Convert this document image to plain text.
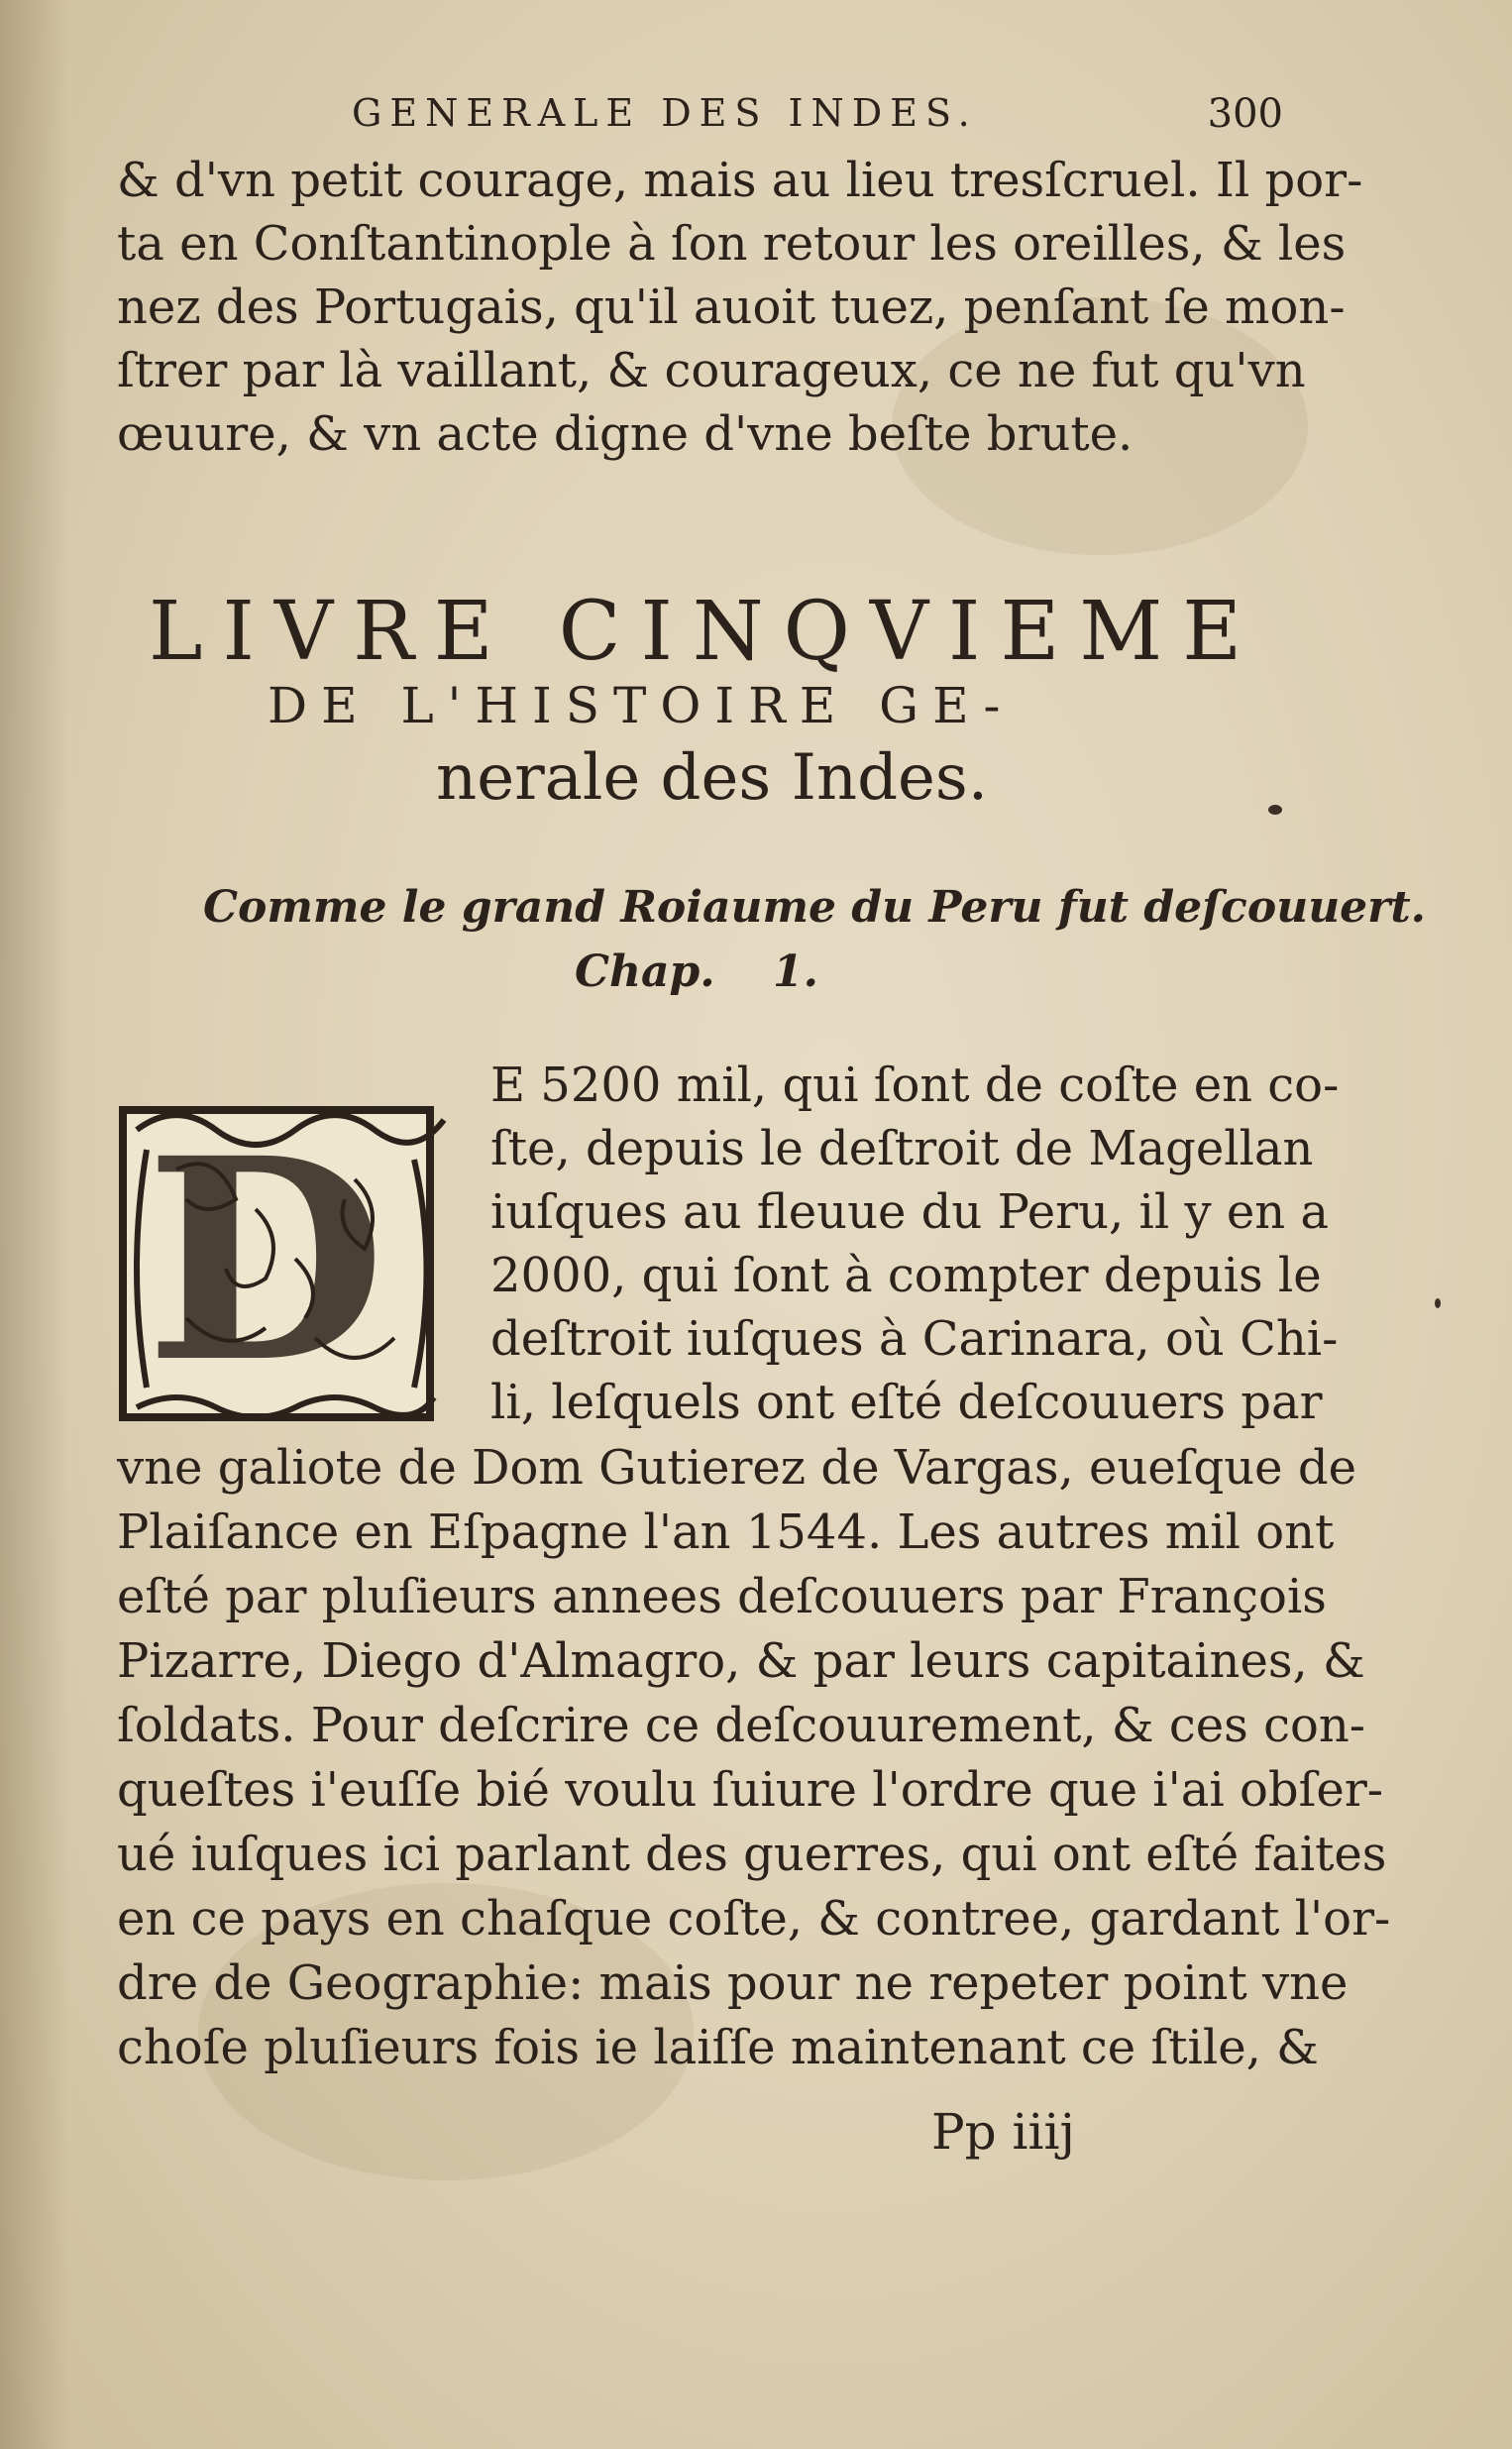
GENERALE DES INDES.	300
& d'vn petit courage, mais au lieu tresſcruel. Il por-
ta en Conſtantinople à ſon retour les oreilles, & les
nez des Portugais, qu'il auoit tuez, penſant ſe mon-
ſtrer par là vaillant, & courageux, ce ne fut qu'vn
œuure, & vn acte digne d'vne beſte brute.
LIVRE CINQVIEME
DE L'HISTOIRE GE-
nerale des Indes.
Comme le grand Roiaume du Peru fut deſcouuert.
Chap. 1.
D
E 5200 mil, qui ſont de coſte en co-
ſte, depuis le deſtroit de Magellan
iuſques au fleuue du Peru, il y en a
2000, qui ſont à compter depuis le
deſtroit iuſques à Carinara, où Chi-
li, leſquels ont eſté deſcouuers par
vne galiote de Dom Gutierez de Vargas, eueſque de
Plaiſance en Eſpagne l'an 1544. Les autres mil ont
eſté par pluſieurs annees deſcouuers par François
Pizarre, Diego d'Almagro, & par leurs capitaines, &
ſoldats. Pour deſcrire ce deſcouurement, & ces con-
queſtes i'euſſe bié voulu ſuiure l'ordre que i'ai obſer-
ué iuſques ici parlant des guerres, qui ont eſté faites
en ce pays en chaſque coſte, & contree, gardant l'or-
dre de Geographie: mais pour ne repeter point vne
choſe pluſieurs fois ie laiſſe maintenant ce ſtile, &
Pp iiij
